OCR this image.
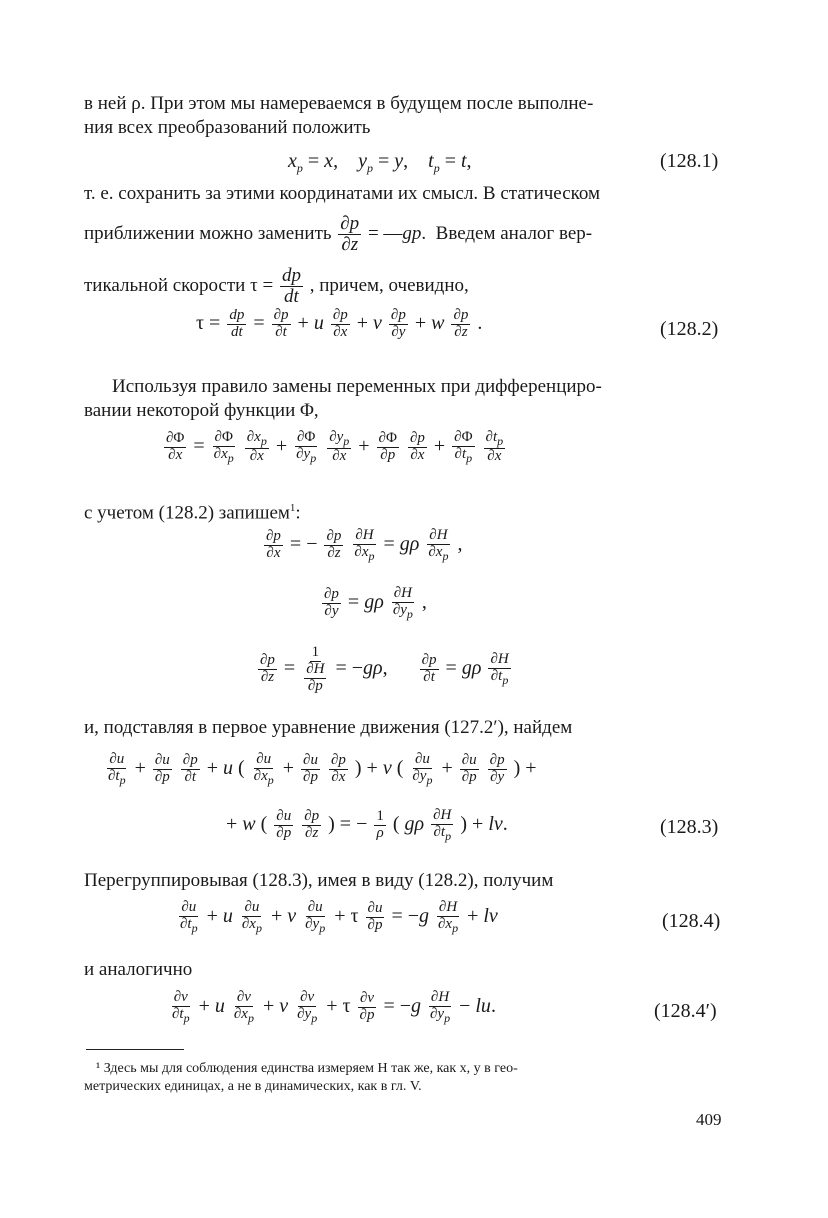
в ней ρ. При этом мы намереваемся в будущем после выполне-
ния всех преобразований положить
$x_p = x$,    $y_p = y$,    $t_p = t$,	(128.1)
т. е. сохранить за этими координатами их смысл. В статическом
приближении можно заменить $\frac{\partial p}{\partial z}$ = —gp.  Введем аналог вер-
тикальной скорости $\tau = \frac{dp}{dt}$ , причем, очевидно,
$\tau = \frac{dp}{dt} = \frac{\partial p}{\partial t} + u \frac{\partial p}{\partial x} + v \frac{\partial p}{\partial y} + w \frac{\partial p}{\partial z}$ .	(128.2)
Используя правило замены переменных при дифференциро-
вании некоторой функции Φ,
$\frac{\partial\Phi}{\partial x} = \frac{\partial\Phi}{\partial x_p}$
$\frac{\partial x_p}{\partial x} + \frac{\partial\Phi}{\partial y_p}$
$\frac{\partial y_p}{\partial x} + \frac{\partial\Phi}{\partial p}$
$\frac{\partial p}{\partial x} + \frac{\partial\Phi}{\partial t_p}$
$\frac{\partial t_p}{\partial x}$
с учетом (128.2) запишем$^1$:
$\frac{\partial p}{\partial x}$ = − $\frac{\partial p}{\partial z}$
$\frac{\partial H}{\partial x_p} = g\rho \frac{\partial H}{\partial x_p}$ ,
$\frac{\partial p}{\partial y} = g\rho \frac{\partial H}{\partial y_p}$ ,
$\frac{\partial p}{\partial z} = \frac{1}{\frac{\partial H}{\partial p}} = -g\rho$, $\frac{\partial p}{\partial t} = g\rho \frac{\partial H}{\partial t_p}$
и, подставляя в первое уравнение движения (127.2′), найдем
$\frac{\partial u}{\partial t_p} + \frac{\partial u}{\partial p}$
$\frac{\partial p}{\partial t} + u$ ( $\frac{\partial u}{\partial x_p} + \frac{\partial u}{\partial p}$
$\frac{\partial p}{\partial x}$ ) + v ( $\frac{\partial u}{\partial y_p} + \frac{\partial u}{\partial p}$
$\frac{\partial p}{\partial y}$ ) +
+ w ( $\frac{\partial u}{\partial p}$
$\frac{\partial p}{\partial z}$ ) = − $\frac{1}{\rho}$ ( gρ $\frac{\partial H}{\partial t_p}$ ) + lv.	(128.3)
Перегруппировывая (128.3), имея в виду (128.2), получим
$\frac{\partial u}{\partial t_p} + u \frac{\partial u}{\partial x_p} + v \frac{\partial u}{\partial y_p} + \tau \frac{\partial u}{\partial p} = -g \frac{\partial H}{\partial x_p}$ + lv	(128.4)
и аналогично
$\frac{\partial v}{\partial t_p} + u \frac{\partial v}{\partial x_p} + v \frac{\partial v}{\partial y_p} + \tau \frac{\partial v}{\partial p} = -g \frac{\partial H}{\partial y_p}$ − lu.	(128.4′)
¹ Здесь мы для соблюдения единства измеряем H так же, как x, y в гео-
метрических единицах, а не в динамических, как в гл. V.
409
